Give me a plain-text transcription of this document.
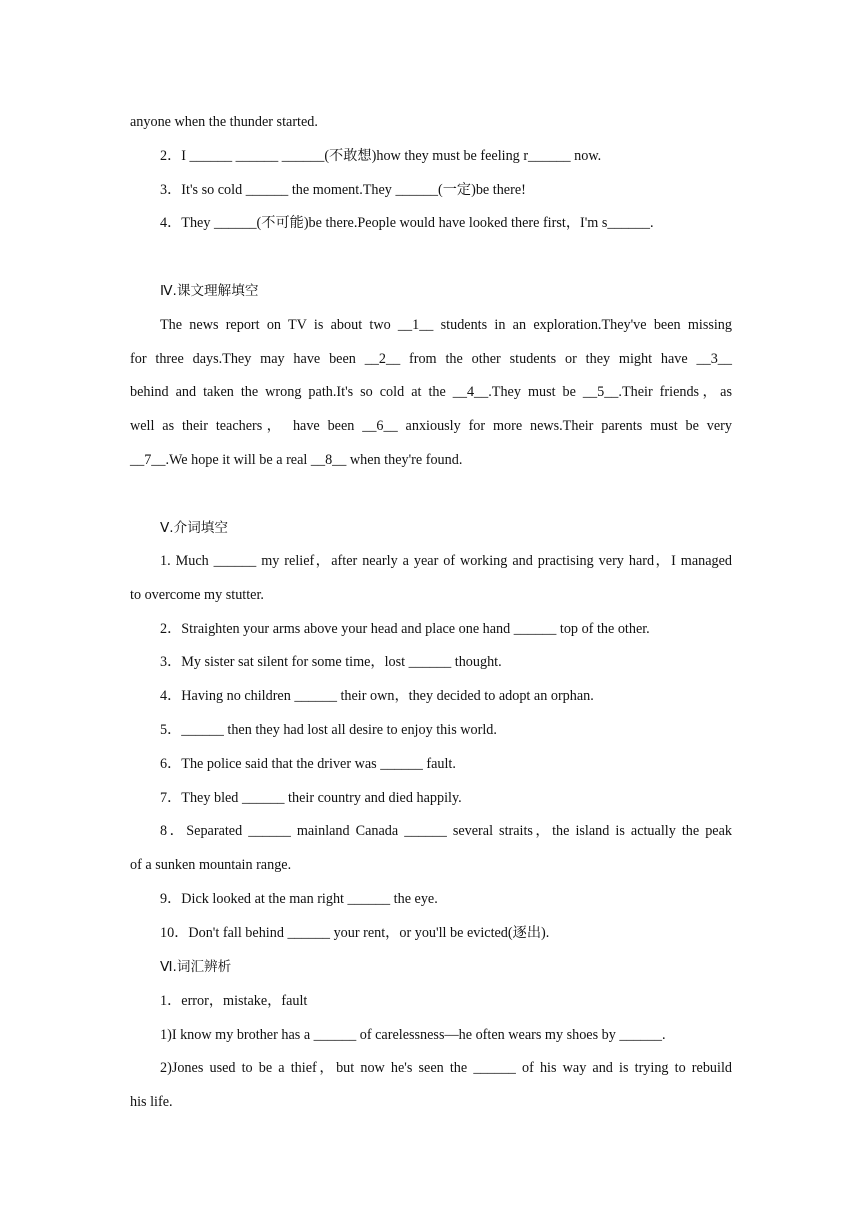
anyone when the thunder started.
2．I ______ ______ ______(不敢想)how they must be feeling r______ now.
3．It's so cold ______ the moment.They ______(一定)be there!
4．They ______(不可能)be there.People would have looked there first，I'm s______.
Ⅳ.课文理解填空
The news report on TV is about two __1__ students in an exploration.They've been missing
for three days.They may have been __2__ from the other students or they might have __3__
behind and taken the wrong path.It's so cold at the __4__.They must be __5__.Their friends，as
well as their teachers， have been __6__ anxiously for more news.Their parents must be very
__7__.We hope it will be a real __8__ when they're found.
Ⅴ.介词填空
1. Much ______ my relief，after nearly a year of working and practising very hard，I managed
to overcome my stutter.
2．Straighten your arms above your head and place one hand ______ top of the other.
3．My sister sat silent for some time，lost ______ thought.
4．Having no children ______ their own，they decided to adopt an orphan.
5．______ then they had lost all desire to enjoy this world.
6．The police said that the driver was ______ fault.
7．They bled ______ their country and died happily.
8．Separated ______ mainland Canada ______ several straits，the island is actually the peak
of a sunken mountain range.
9．Dick looked at the man right ______ the eye.
10．Don't fall behind ______ your rent，or you'll be evicted(逐出).
Ⅵ.词汇辨析
1．error，mistake，fault
1)I know my brother has a ______ of carelessness—he often wears my shoes by ______.
2)Jones used to be a thief，but now he's seen the ______ of his way and is trying to rebuild
his life.
